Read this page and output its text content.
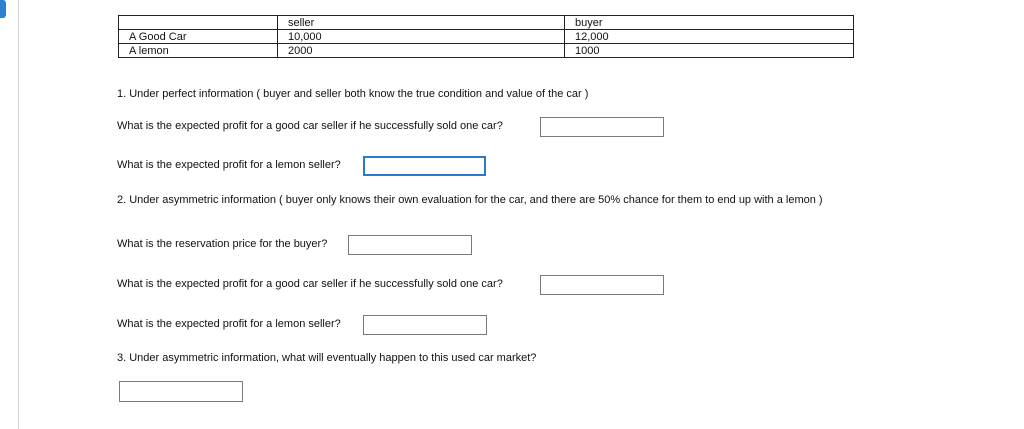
	seller	buyer
A Good Car	10,000	12,000
A lemon	2000	1000
1. Under perfect information ( buyer and seller both know the true condition and value of the car )
What is the expected profit for a good car seller if he successfully sold one car?
What is the expected profit for a lemon seller?
2. Under asymmetric information ( buyer only knows their own evaluation for the car, and there are 50% chance for them to end up with a lemon )
What is the reservation price for the buyer?
What is the expected profit for a good car seller if he successfully sold one car?
What is the expected profit for a lemon seller?
3. Under asymmetric information, what will eventually happen to this used car market?
